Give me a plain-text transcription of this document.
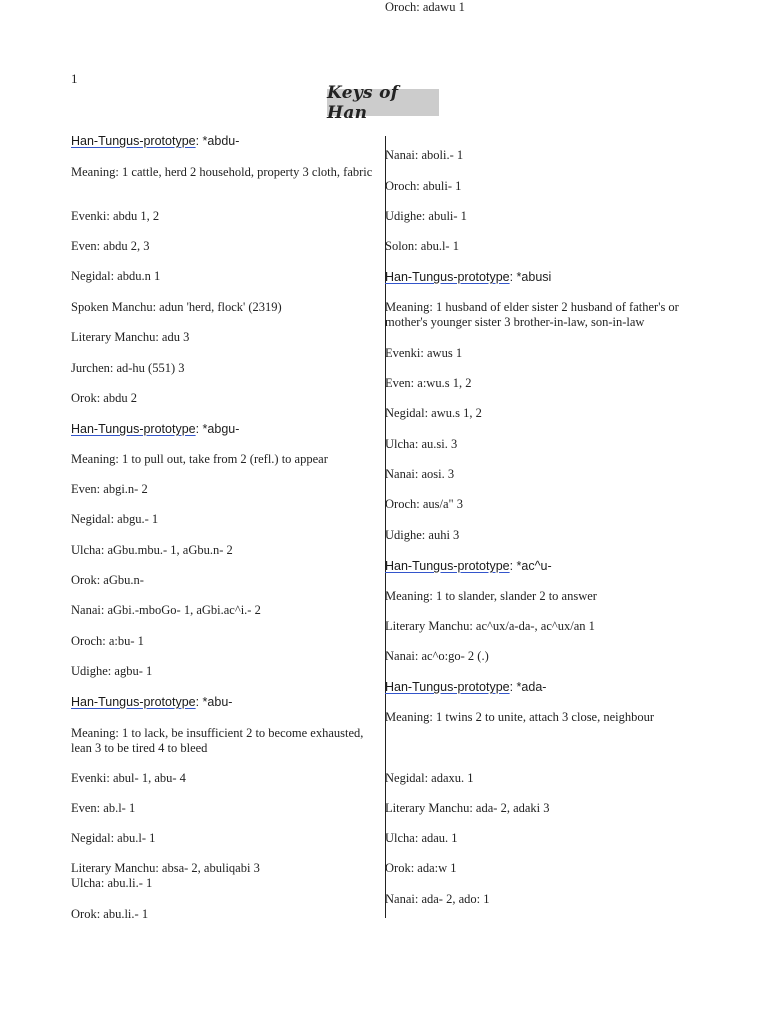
1
Keys of Han
Han-Tungus-prototype: *abdu-
Meaning: 1 cattle, herd 2 household, property 3 cloth, fabric
Evenki: abdu 1, 2
Even: abdu 2, 3
Negidal: abdu.n 1
Spoken Manchu: adun 'herd, flock' (2319)
Literary Manchu: adu 3
Jurchen: ad-hu (551) 3
Orok: abdu 2
Han-Tungus-prototype: *abgu-
Meaning: 1 to pull out, take from 2 (refl.) to appear
Even: abgi.n- 2
Negidal: abgu.- 1
Ulcha: aGbu.mbu.- 1, aGbu.n- 2
Orok: aGbu.n-
Nanai: aGbi.-mboGo- 1, aGbi.ac^i.- 2
Oroch: a:bu- 1
Udighe: agbu- 1
Han-Tungus-prototype: *abu-
Meaning: 1 to lack, be insufficient 2 to become exhausted, lean 3 to be tired 4 to bleed
Evenki: abul- 1, abu- 4
Even: ab.l- 1
Negidal: abu.l- 1
Literary Manchu: absa- 2, abuliqabi 3
Ulcha: abu.li.- 1
Orok: abu.li.- 1
Nanai: aboli.- 1
Oroch: abuli- 1
Udighe: abuli- 1
Solon: abu.l- 1
Han-Tungus-prototype: *abusi
Meaning: 1 husband of elder sister 2 husband of father's or mother's younger sister 3 brother-in-law, son-in-law
Evenki: awus 1
Even: a:wu.s 1, 2
Negidal: awu.s 1, 2
Ulcha: au.si. 3
Nanai: aosi. 3
Oroch: aus/a" 3
Udighe: auhi 3
Han-Tungus-prototype: *ac^u-
Meaning: 1 to slander, slander 2 to answer
Literary Manchu: ac^ux/a-da-, ac^ux/an 1
Nanai: ac^o:go- 2 (.)
Han-Tungus-prototype: *ada-
Meaning: 1 twins 2 to unite, attach 3 close, neighbour
Negidal: adaxu. 1
Literary Manchu: ada- 2, adaki 3
Ulcha: adau. 1
Orok: ada:w 1
Nanai: ada- 2, ado: 1
Oroch: adawu 1
